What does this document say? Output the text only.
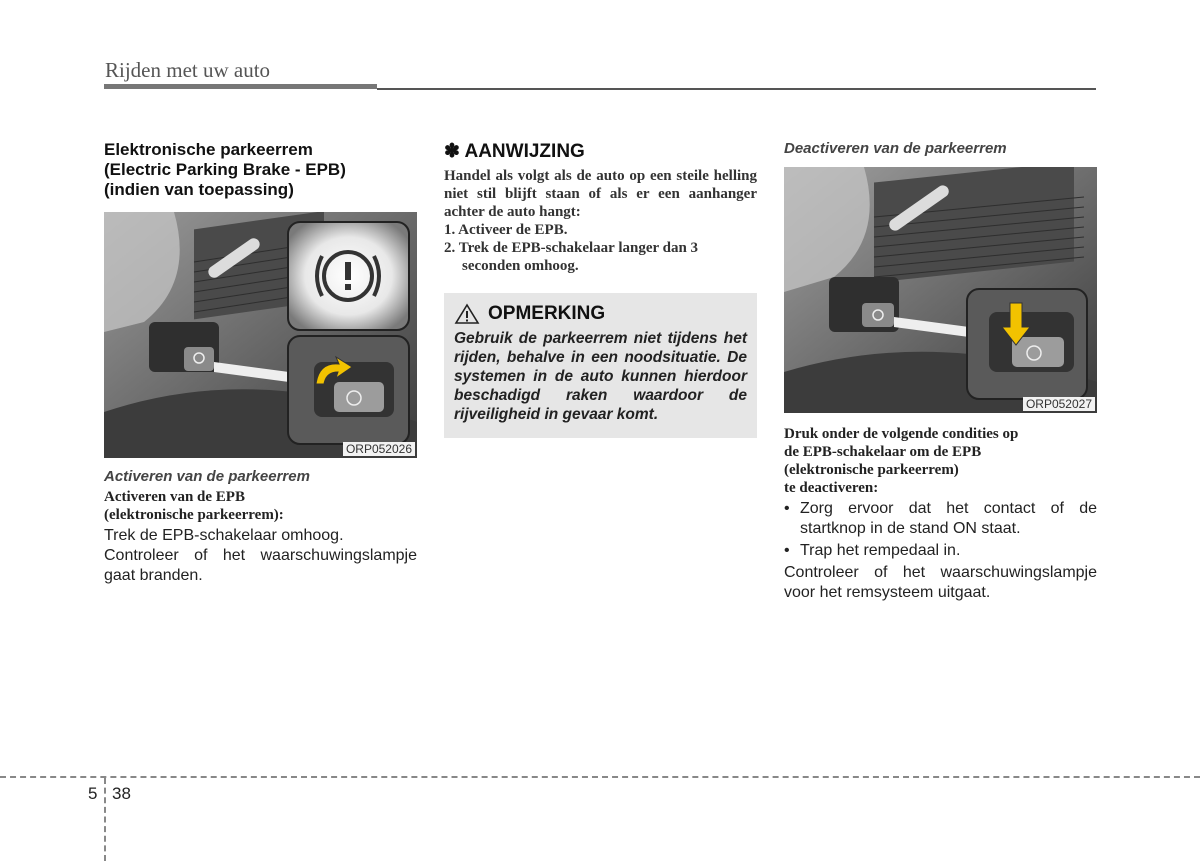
Rijden met uw auto
Elektronische parkeerrem
(Electric Parking Brake - EPB)
(indien van toepassing)
ORP052026
Activeren van de parkeerrem
Activeren van de EPB
(elektronische parkeerrem):
Trek de EPB-schakelaar omhoog.
Controleer of het waarschuwingslampje gaat branden.
✽ AANWIJZING
Handel als volgt als de auto op een steile helling niet stil blijft staan of als er een aanhanger achter de auto hangt:
1. Activeer de EPB.
2. Trek de EPB-schakelaar langer dan 3 seconden omhoog.
OPMERKING
Gebruik de parkeerrem niet tijdens het rijden, behalve in een noodsituatie. De systemen in de auto kunnen hierdoor beschadigd raken waardoor de rijveiligheid in gevaar komt.
Deactiveren van de parkeerrem
ORP052027
Druk onder de volgende condities op
de EPB-schakelaar om de EPB
(elektronische parkeerrem)
te deactiveren:
• Zorg ervoor dat het contact of de startknop in de stand ON staat.
• Trap het rempedaal in.
Controleer of het waarschuwingslampje voor het remsysteem uitgaat.
5 38
